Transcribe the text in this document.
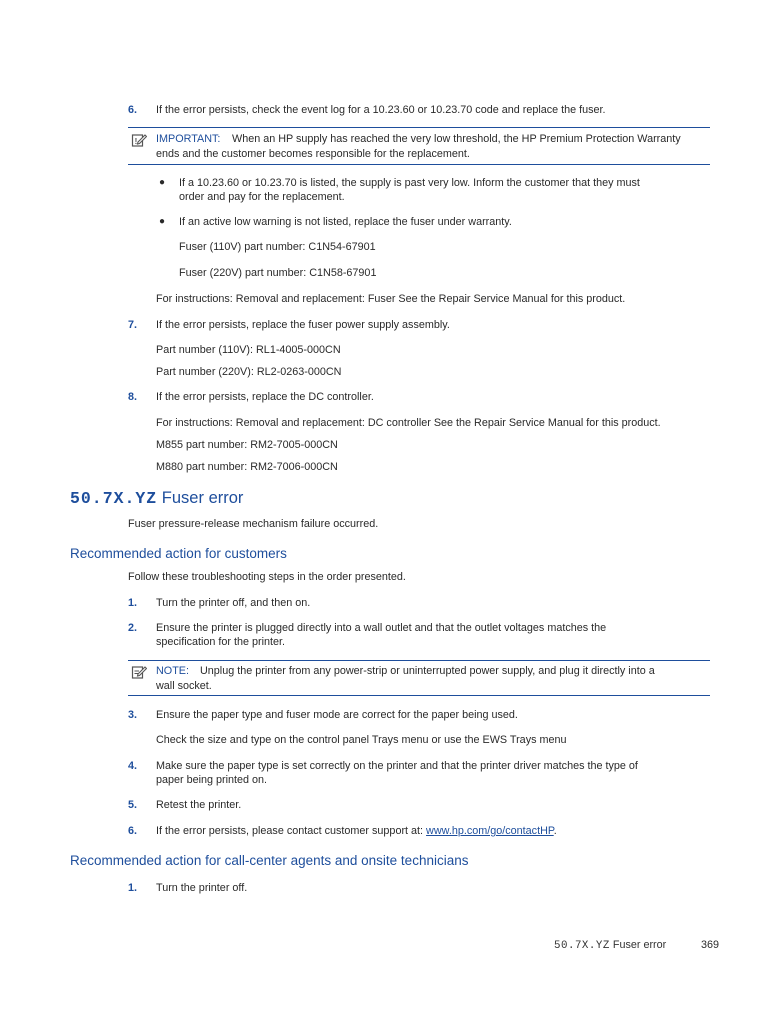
6. If the error persists, check the event log for a 10.23.60 or 10.23.70 code and replace the fuser.
! IMPORTANT: When an HP supply has reached the very low threshold, the HP Premium Protection Warranty
ends and the customer becomes responsible for the replacement.
● If a 10.23.60 or 10.23.70 is listed, the supply is past very low. Inform the customer that they must
order and pay for the replacement.
● If an active low warning is not listed, replace the fuser under warranty.
Fuser (110V) part number: C1N54-67901
Fuser (220V) part number: C1N58-67901
For instructions: Removal and replacement: Fuser See the Repair Service Manual for this product.
7. If the error persists, replace the fuser power supply assembly.
Part number (110V): RL1-4005-000CN
Part number (220V): RL2-0263-000CN
8. If the error persists, replace the DC controller.
For instructions: Removal and replacement: DC controller See the Repair Service Manual for this product.
M855 part number: RM2-7005-000CN
M880 part number: RM2-7006-000CN
50.7X.YZ Fuser error
Fuser pressure-release mechanism failure occurred.
Recommended action for customers
Follow these troubleshooting steps in the order presented.
1. Turn the printer off, and then on.
2. Ensure the printer is plugged directly into a wall outlet and that the outlet voltages matches the
specification for the printer.
NOTE: Unplug the printer from any power-strip or uninterrupted power supply, and plug it directly into a
wall socket.
3. Ensure the paper type and fuser mode are correct for the paper being used.
Check the size and type on the control panel Trays menu or use the EWS Trays menu
4. Make sure the paper type is set correctly on the printer and that the printer driver matches the type of
paper being printed on.
5. Retest the printer.
6. If the error persists, please contact customer support at: www.hp.com/go/contactHP.
Recommended action for call-center agents and onsite technicians
1. Turn the printer off.
50.7X.YZ Fuser error	369
